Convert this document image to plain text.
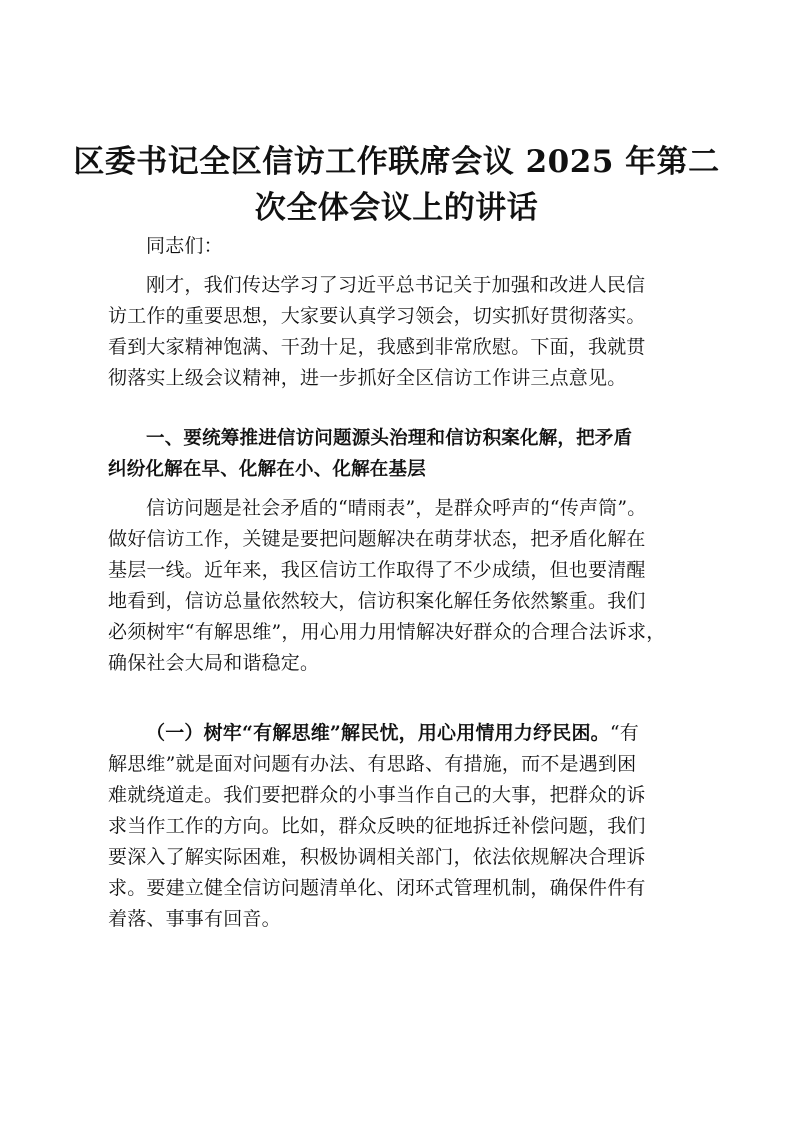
区委书记全区信访工作联席会议 2025 年第二
次全体会议上的讲话

同志们：

刚才，我们传达学习了习近平总书记关于加强和改进人民信
访工作的重要思想，大家要认真学习领会，切实抓好贯彻落实。
看到大家精神饱满、干劲十足，我感到非常欣慰。下面，我就贯
彻落实上级会议精神，进一步抓好全区信访工作讲三点意见。
一、要统筹推进信访问题源头治理和信访积案化解，把矛盾
纠纷化解在早、化解在小、化解在基层
信访问题是社会矛盾的“晴雨表”，是群众呼声的“传声筒”。
做好信访工作，关键是要把问题解决在萌芽状态，把矛盾化解在
基层一线。近年来，我区信访工作取得了不少成绩，但也要清醒
地看到，信访总量依然较大，信访积案化解任务依然繁重。我们
必须树牢“有解思维”，用心用力用情解决好群众的合理合法诉求，
确保社会大局和谐稳定。
（一）树牢“有解思维”解民忧，用心用情用力纾民困。“有
解思维”就是面对问题有办法、有思路、有措施，而不是遇到困
难就绕道走。我们要把群众的小事当作自己的大事，把群众的诉
求当作工作的方向。比如，群众反映的征地拆迁补偿问题，我们
要深入了解实际困难，积极协调相关部门，依法依规解决合理诉
求。要建立健全信访问题清单化、闭环式管理机制，确保件件有
着落、事事有回音。
